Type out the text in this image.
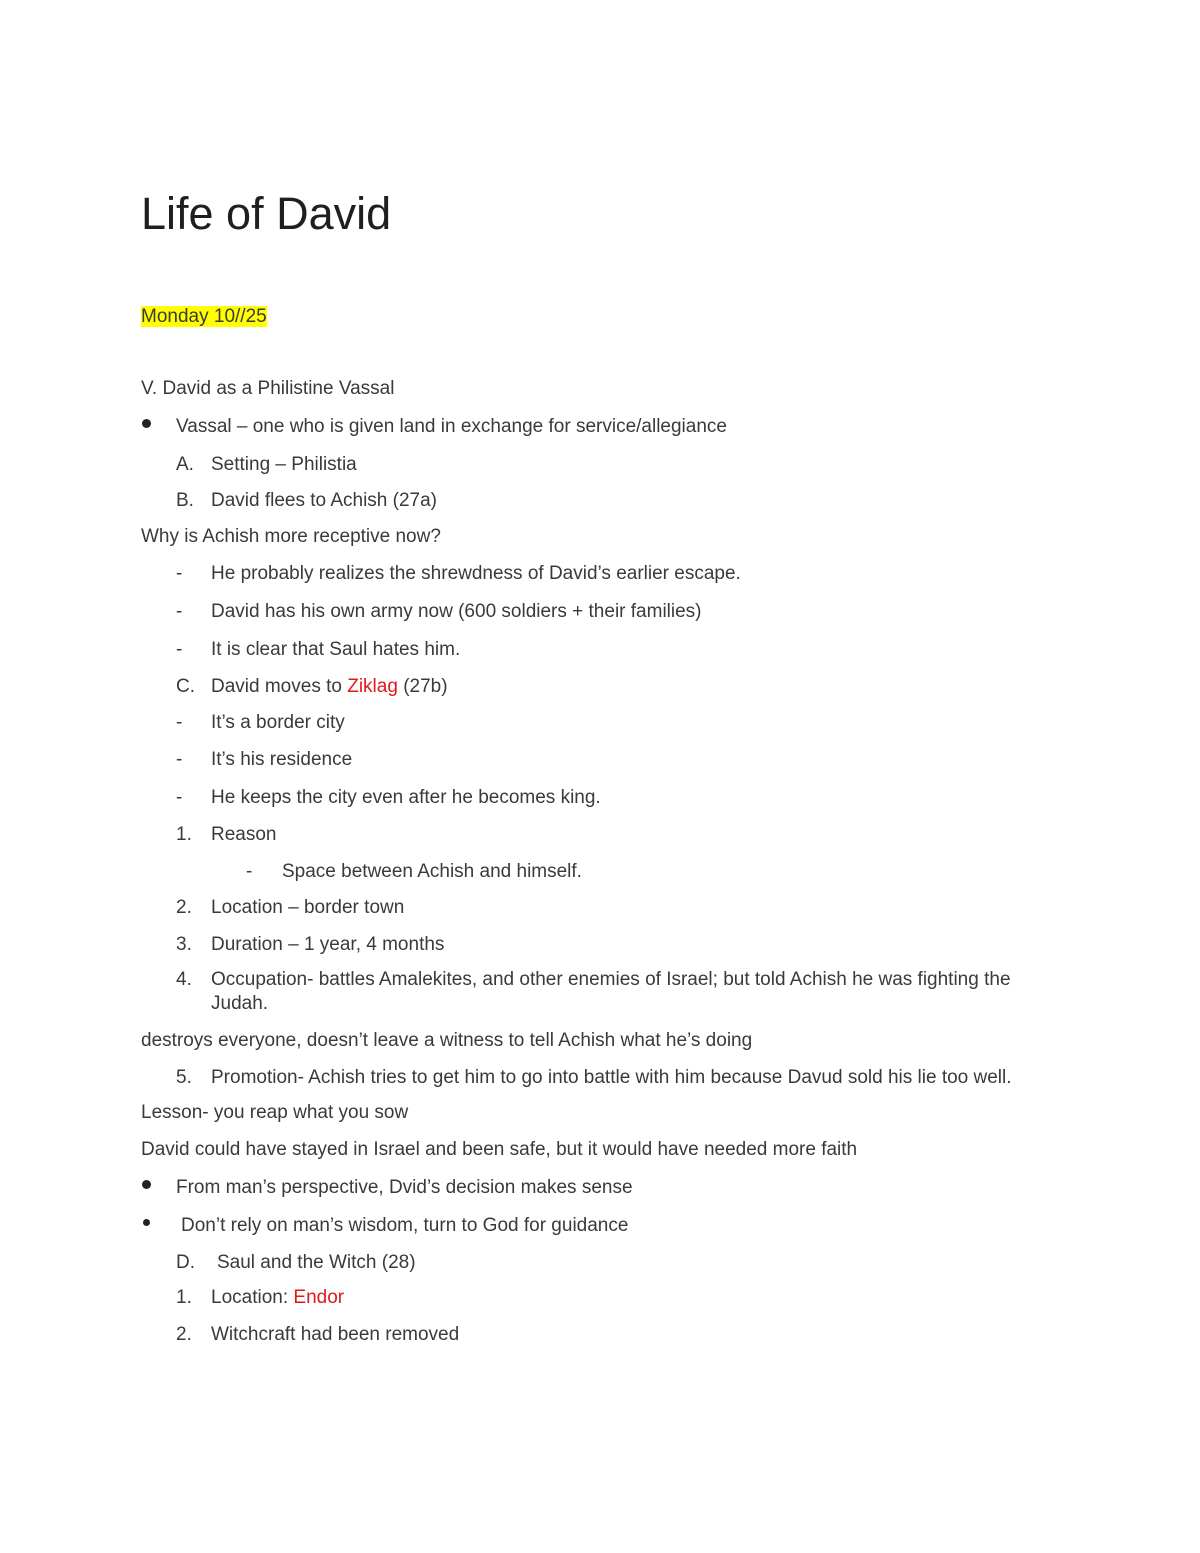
Life of David
Monday 10//25
V. David as a Philistine Vassal
Vassal – one who is given land in exchange for service/allegiance
A. Setting – Philistia
B. David flees to Achish (27a)
Why is Achish more receptive now?
- He probably realizes the shrewdness of David’s earlier escape.
- David has his own army now (600 soldiers + their families)
- It is clear that Saul hates him.
C. David moves to Ziklag (27b)
- It’s a border city
- It’s his residence
- He keeps the city even after he becomes king.
1. Reason
- Space between Achish and himself.
2. Location – border town
3. Duration – 1 year, 4 months
4. Occupation- battles Amalekites, and other enemies of Israel; but told Achish he was fighting the Judah.
destroys everyone, doesn’t leave a witness to tell Achish what he’s doing
5. Promotion- Achish tries to get him to go into battle with him because Davud sold his lie too well.
Lesson- you reap what you sow
David could have stayed in Israel and been safe, but it would have needed more faith
From man’s perspective, Dvid’s decision makes sense
Don’t rely on man’s wisdom, turn to God for guidance
D. Saul and the Witch (28)
1. Location: Endor
2. Witchcraft had been removed
